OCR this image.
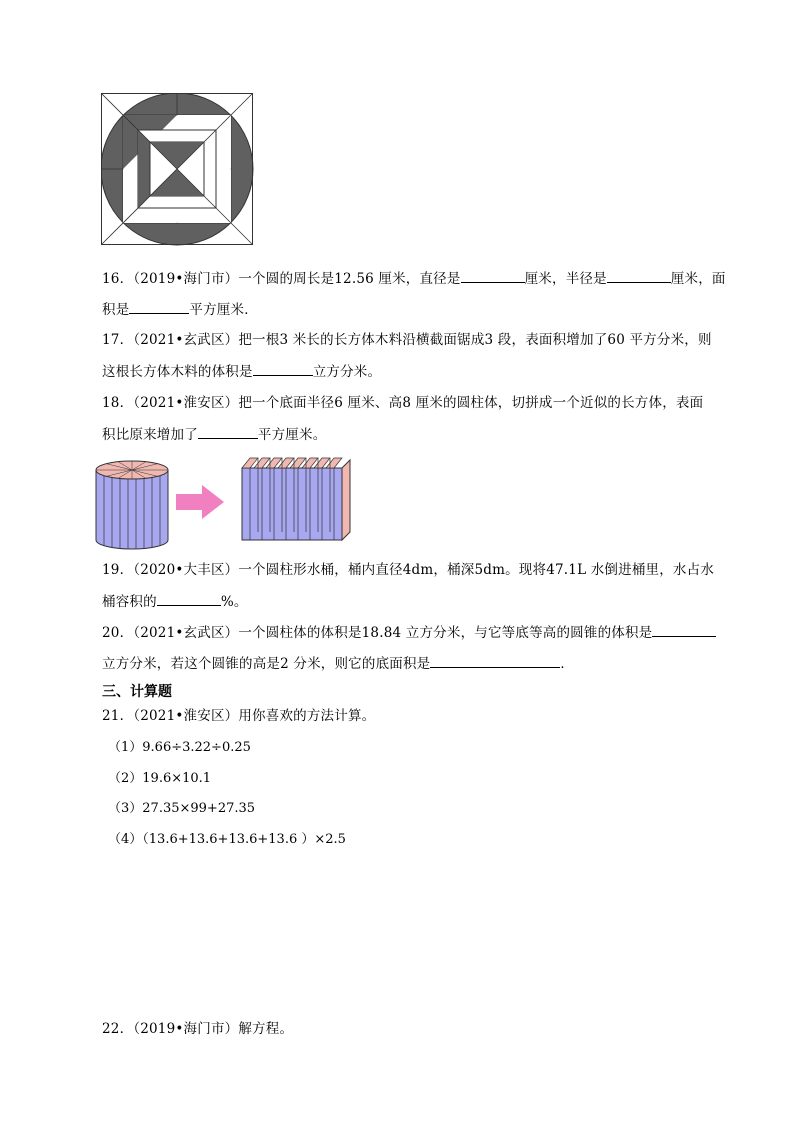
16．（2019•海门市）一个圆的周长是12.56 厘米，直径是	厘米，半径是	厘米，面
积是	平方厘米．
17．（2021•玄武区）把一根3 米长的长方体木料沿横截面锯成3 段，表面积增加了60 平方分米，则
这根长方体木料的体积是	立方分米。
18．（2021•淮安区）把一个底面半径6 厘米、高8 厘米的圆柱体，切拼成一个近似的长方体，表面
积比原来增加了	平方厘米。
19．（2020•大丰区）一个圆柱形水桶，桶内直径4dm，桶深5dm。现将47.1L 水倒进桶里，水占水
桶容积的	%。
20．（2021•玄武区）一个圆柱体的体积是18.84 立方分米，与它等底等高的圆锥的体积是
立方分米，若这个圆锥的高是2 分米，则它的底面积是	．
三、计算题
21．（2021•淮安区）用你喜欢的方法计算。
（1）9.66÷3.22÷0.25
（2）19.6×10.1
（3）27.35×99+27.35
（4）（13.6+13.6+13.6+13.6 ）×2.5
22．（2019•海门市）解方程。
